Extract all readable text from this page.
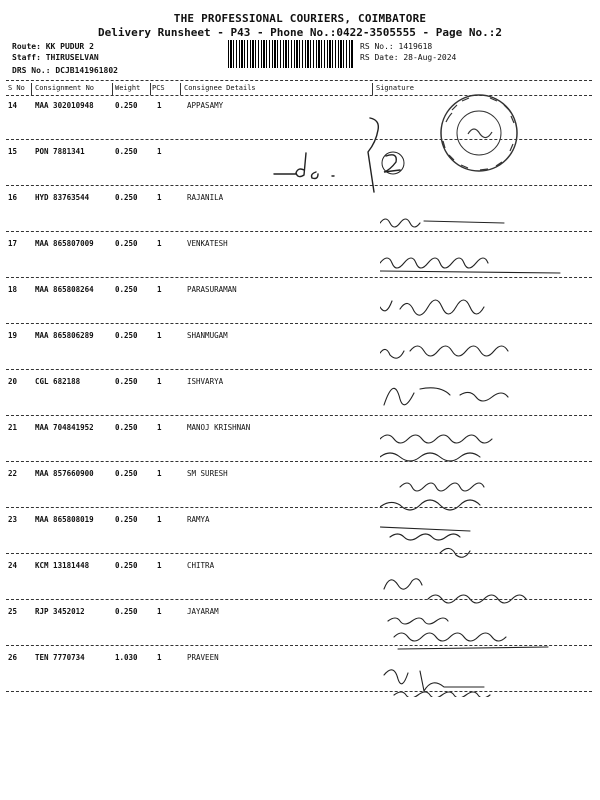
THE PROFESSIONAL COURIERS, COIMBATORE
Delivery Runsheet - P43 - Phone No.:0422-3505555 - Page No.:2
Route: KK PUDUR 2
Staff: THIRUSELVAN
DRS No.: DCJB141961802
RS No.: 1419618
RS Date: 28-Aug-2024
S No Consignment No	Weight PCS	Consignee Details	Signature
14 MAA 302010948	0.250	1	APPASAMY
15 PON 7881341	0.250	1
16 HYD 83763544	0.250	1	RAJANILA
17 MAA 865807009	0.250	1	VENKATESH
18 MAA 865808264	0.250	1	PARASURAMAN
19 MAA 865806289	0.250	1	SHANMUGAM
20 CGL 682188	0.250	1	ISHVARYA
21 MAA 704841952	0.250	1	MANOJ KRISHNAN
22 MAA 857660900	0.250	1	SM SURESH
23 MAA 865808019	0.250	1	RAMYA
24 KCM 13181448	0.250	1	CHITRA
25 RJP 3452012	0.250	1	JAYARAM
26 TEN 7770734	1.030	1	PRAVEEN
